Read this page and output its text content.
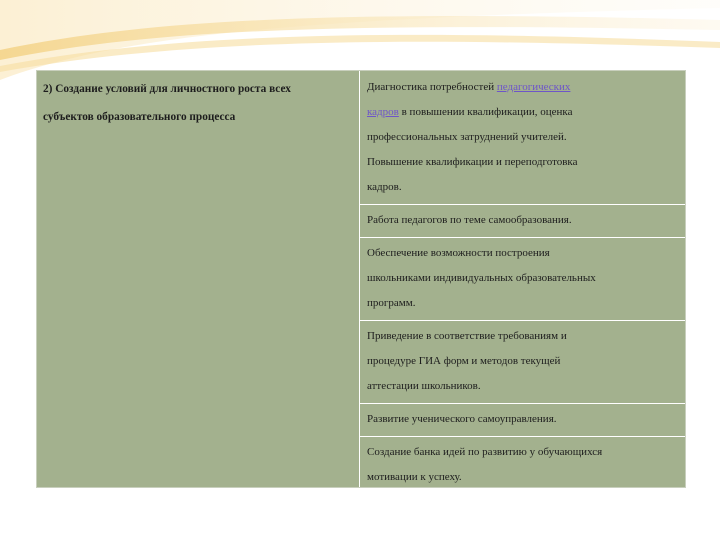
2) Создание условий для личностного роста всех
субъектов образовательного процесса
Диагностика потребностей педагогических
кадров в повышении квалификации, оценка
профессиональных затруднений учителей.
Повышение квалификации и переподготовка
кадров.
Работа педагогов по теме самообразования.
Обеспечение возможности построения
школьниками индивидуальных образовательных
программ.
Приведение в соответствие требованиям и
процедуре ГИА форм и методов текущей
аттестации школьников.
Развитие ученического самоуправления.
Создание банка идей по развитию у обучающихся
мотивации к успеху.
